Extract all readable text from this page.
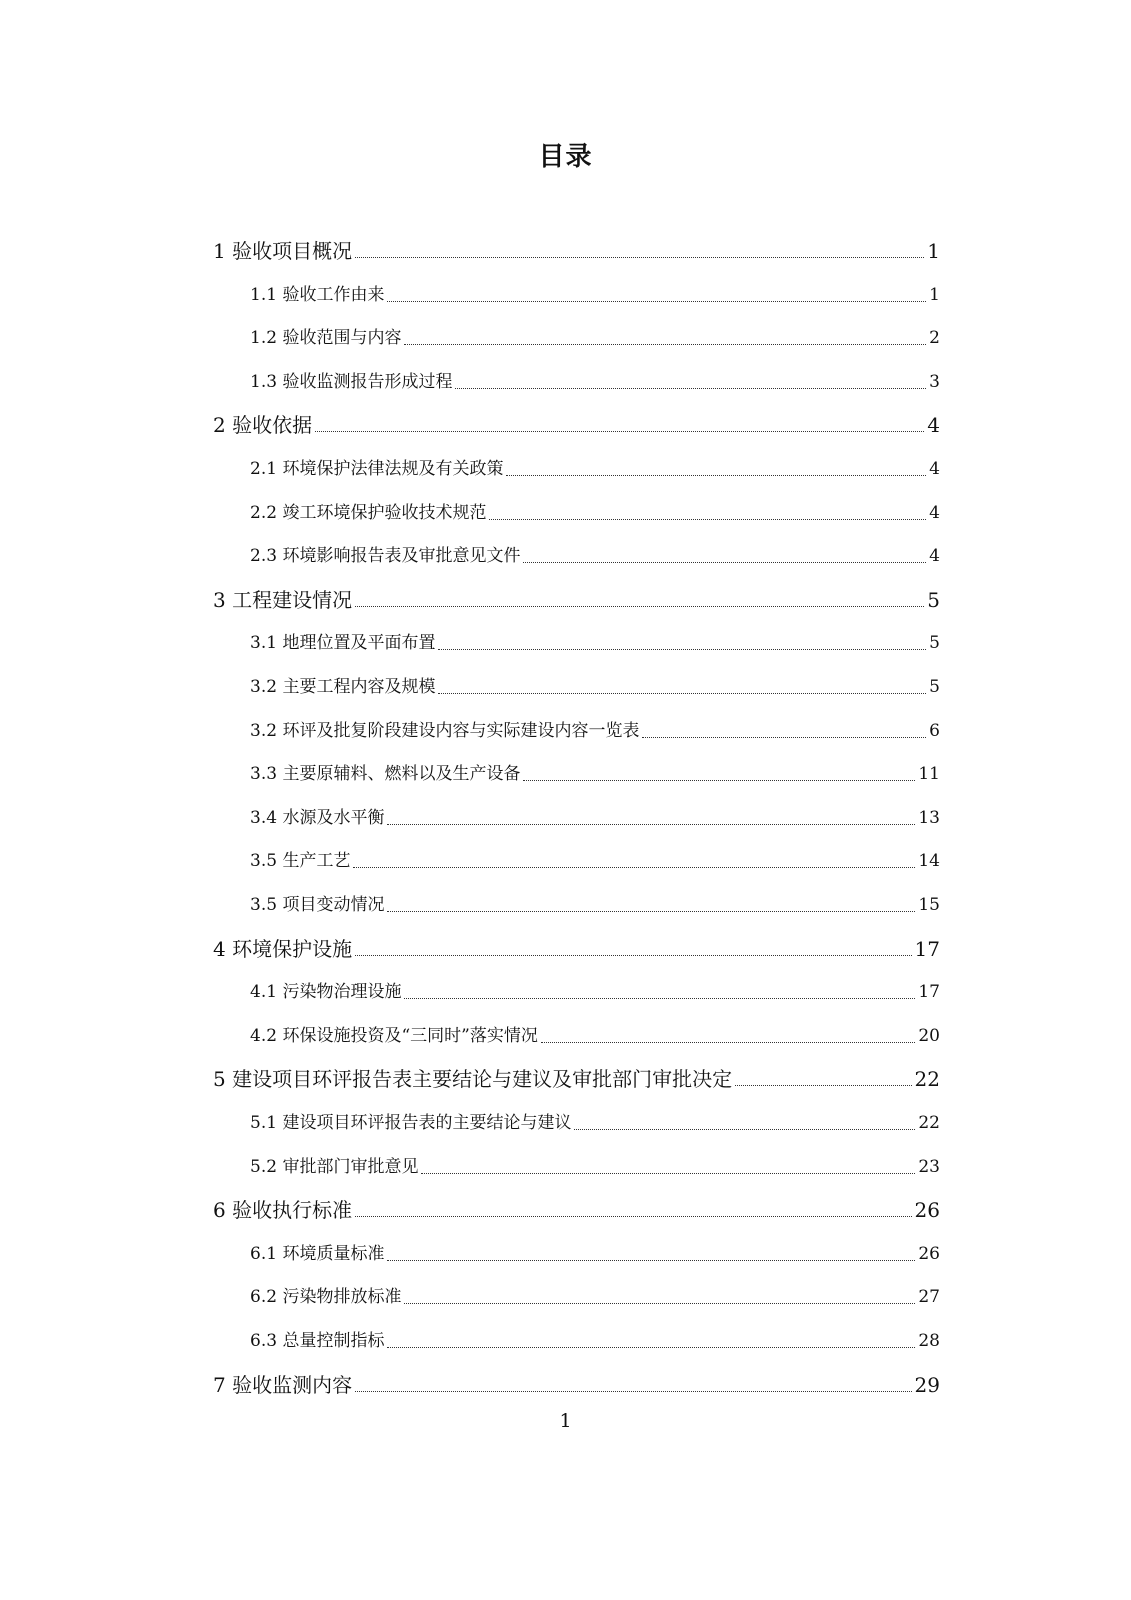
目录
1 验收项目概况	1
1.1 验收工作由来	1
1.2 验收范围与内容	2
1.3 验收监测报告形成过程	3
2 验收依据	4
2.1 环境保护法律法规及有关政策	4
2.2 竣工环境保护验收技术规范	4
2.3 环境影响报告表及审批意见文件	4
3 工程建设情况	5
3.1 地理位置及平面布置	5
3.2 主要工程内容及规模	5
3.2 环评及批复阶段建设内容与实际建设内容一览表	6
3.3 主要原辅料、燃料以及生产设备	11
3.4 水源及水平衡	13
3.5 生产工艺	14
3.5 项目变动情况	15
4 环境保护设施	17
4.1 污染物治理设施	17
4.2 环保设施投资及“三同时”落实情况	20
5 建设项目环评报告表主要结论与建议及审批部门审批决定	22
5.1 建设项目环评报告表的主要结论与建议	22
5.2 审批部门审批意见	23
6 验收执行标准	26
6.1 环境质量标准	26
6.2 污染物排放标准	27
6.3 总量控制指标	28
7 验收监测内容	29
1
